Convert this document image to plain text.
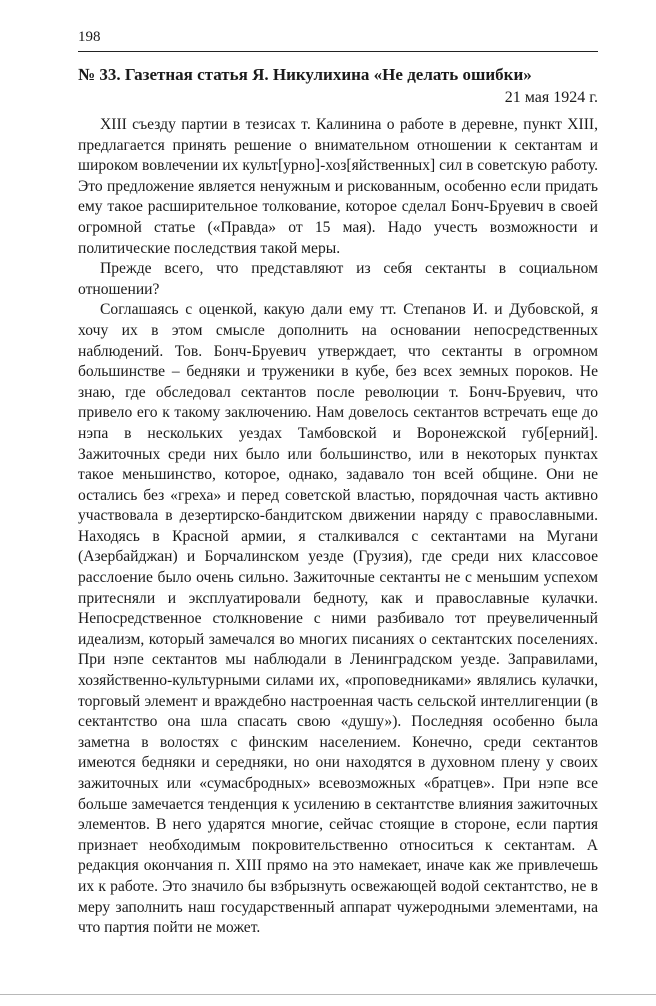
198
№ 33. Газетная статья Я. Никулихина «Не делать ошибки»
21 мая 1924 г.

XIII съезду партии в тезисах т. Калинина о работе в деревне, пункт XIII, предлагается принять решение о внимательном отношении к сектантам и широком вовлечении их культ[урно]-хоз[яйственных] сил в советскую работу. Это предложение является ненужным и рискованным, особенно если придать ему такое расширительное толкование, которое сделал Бонч-Бруевич в своей огромной статье («Правда» от 15 мая). Надо учесть возможности и политические последствия такой меры.

Прежде всего, что представляют из себя сектанты в социальном отношении?

Соглашаясь с оценкой, какую дали ему тт. Степанов И. и Дубовской, я хочу их в этом смысле дополнить на основании непосредственных наблюдений. Тов. Бонч-Бруевич утверждает, что сектанты в огромном большинстве – бедняки и труженики в кубе, без всех земных пороков. Не знаю, где обследовал сектантов после революции т. Бонч-Бруевич, что привело его к такому заключению. Нам довелось сектантов встречать еще до нэпа в нескольких уездах Тамбовской и Воронежской губ[ерний]. Зажиточных среди них было или большинство, или в некоторых пунктах такое меньшинство, которое, однако, задавало тон всей общине. Они не остались без «греха» и перед советской властью, порядочная часть активно участвовала в дезертирско-бандитском движении наряду с православными. Находясь в Красной армии, я сталкивался с сектантами на Мугани (Азербайджан) и Борчалинском уезде (Грузия), где среди них классовое расслоение было очень сильно. Зажиточные сектанты не с меньшим успехом притесняли и эксплуатировали бедноту, как и православные кулачки. Непосредственное столкновение с ними разбивало тот преувеличенный идеализм, который замечался во многих писаниях о сектантских поселениях. При нэпе сектантов мы наблюдали в Ленинградском уезде. Заправилами, хозяйственно-культурными силами их, «проповедниками» являлись кулачки, торговый элемент и враждебно настроенная часть сельской интеллигенции (в сектантство она шла спасать свою «душу»). Последняя особенно была заметна в волостях с финским населением. Конечно, среди сектантов имеются бедняки и середняки, но они находятся в духовном плену у своих зажиточных или «сумасбродных» всевозможных «братцев». При нэпе все больше замечается тенденция к усилению в сектантстве влияния зажиточных элементов. В него ударятся многие, сейчас стоящие в стороне, если партия признает необходимым покровительственно относиться к сектантам. А редакция окончания п. XIII прямо на это намекает, иначе как же привлечешь их к работе. Это значило бы взбрызнуть освежающей водой сектантство, не в меру заполнить наш государственный аппарат чужеродными элементами, на что партия пойти не может.
